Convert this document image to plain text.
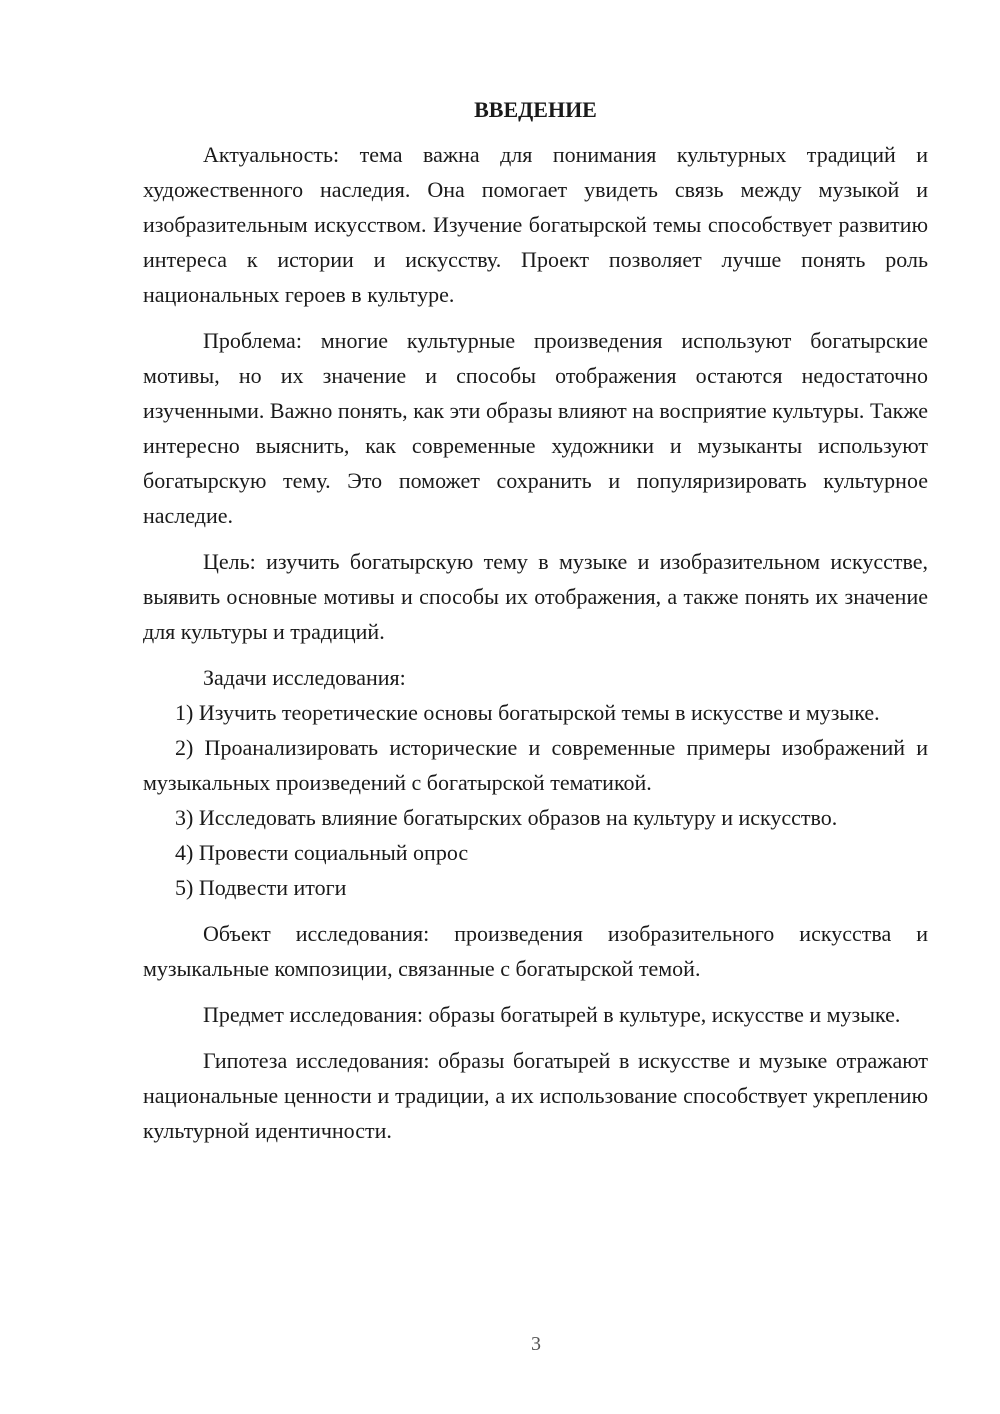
ВВЕДЕНИЕ

Актуальность: тема важна для понимания культурных традиций и художественного наследия. Она помогает увидеть связь между музыкой и изобразительным искусством. Изучение богатырской темы способствует развитию интереса к истории и искусству. Проект позволяет лучше понять роль национальных героев в культуре.

Проблема: многие культурные произведения используют богатырские мотивы, но их значение и способы отображения остаются недостаточно изученными. Важно понять, как эти образы влияют на восприятие культуры. Также интересно выяснить, как современные художники и музыканты используют богатырскую тему. Это поможет сохранить и популяризировать культурное наследие.

Цель: изучить богатырскую тему в музыке и изобразительном искусстве, выявить основные мотивы и способы их отображения, а также понять их значение для культуры и традиций.

Задачи исследования:

1) Изучить теоретические основы богатырской темы в искусстве и музыке.

2) Проанализировать исторические и современные примеры изображений и музыкальных произведений с богатырской тематикой.

3) Исследовать влияние богатырских образов на культуру и искусство.

4) Провести социальный опрос

5) Подвести итоги

Объект исследования: произведения изобразительного искусства и музыкальные композиции, связанные с богатырской темой.

Предмет исследования: образы богатырей в культуре, искусстве и музыке.

Гипотеза исследования: образы богатырей в искусстве и музыке отражают национальные ценности и традиции, а их использование способствует укреплению культурной идентичности.

3
